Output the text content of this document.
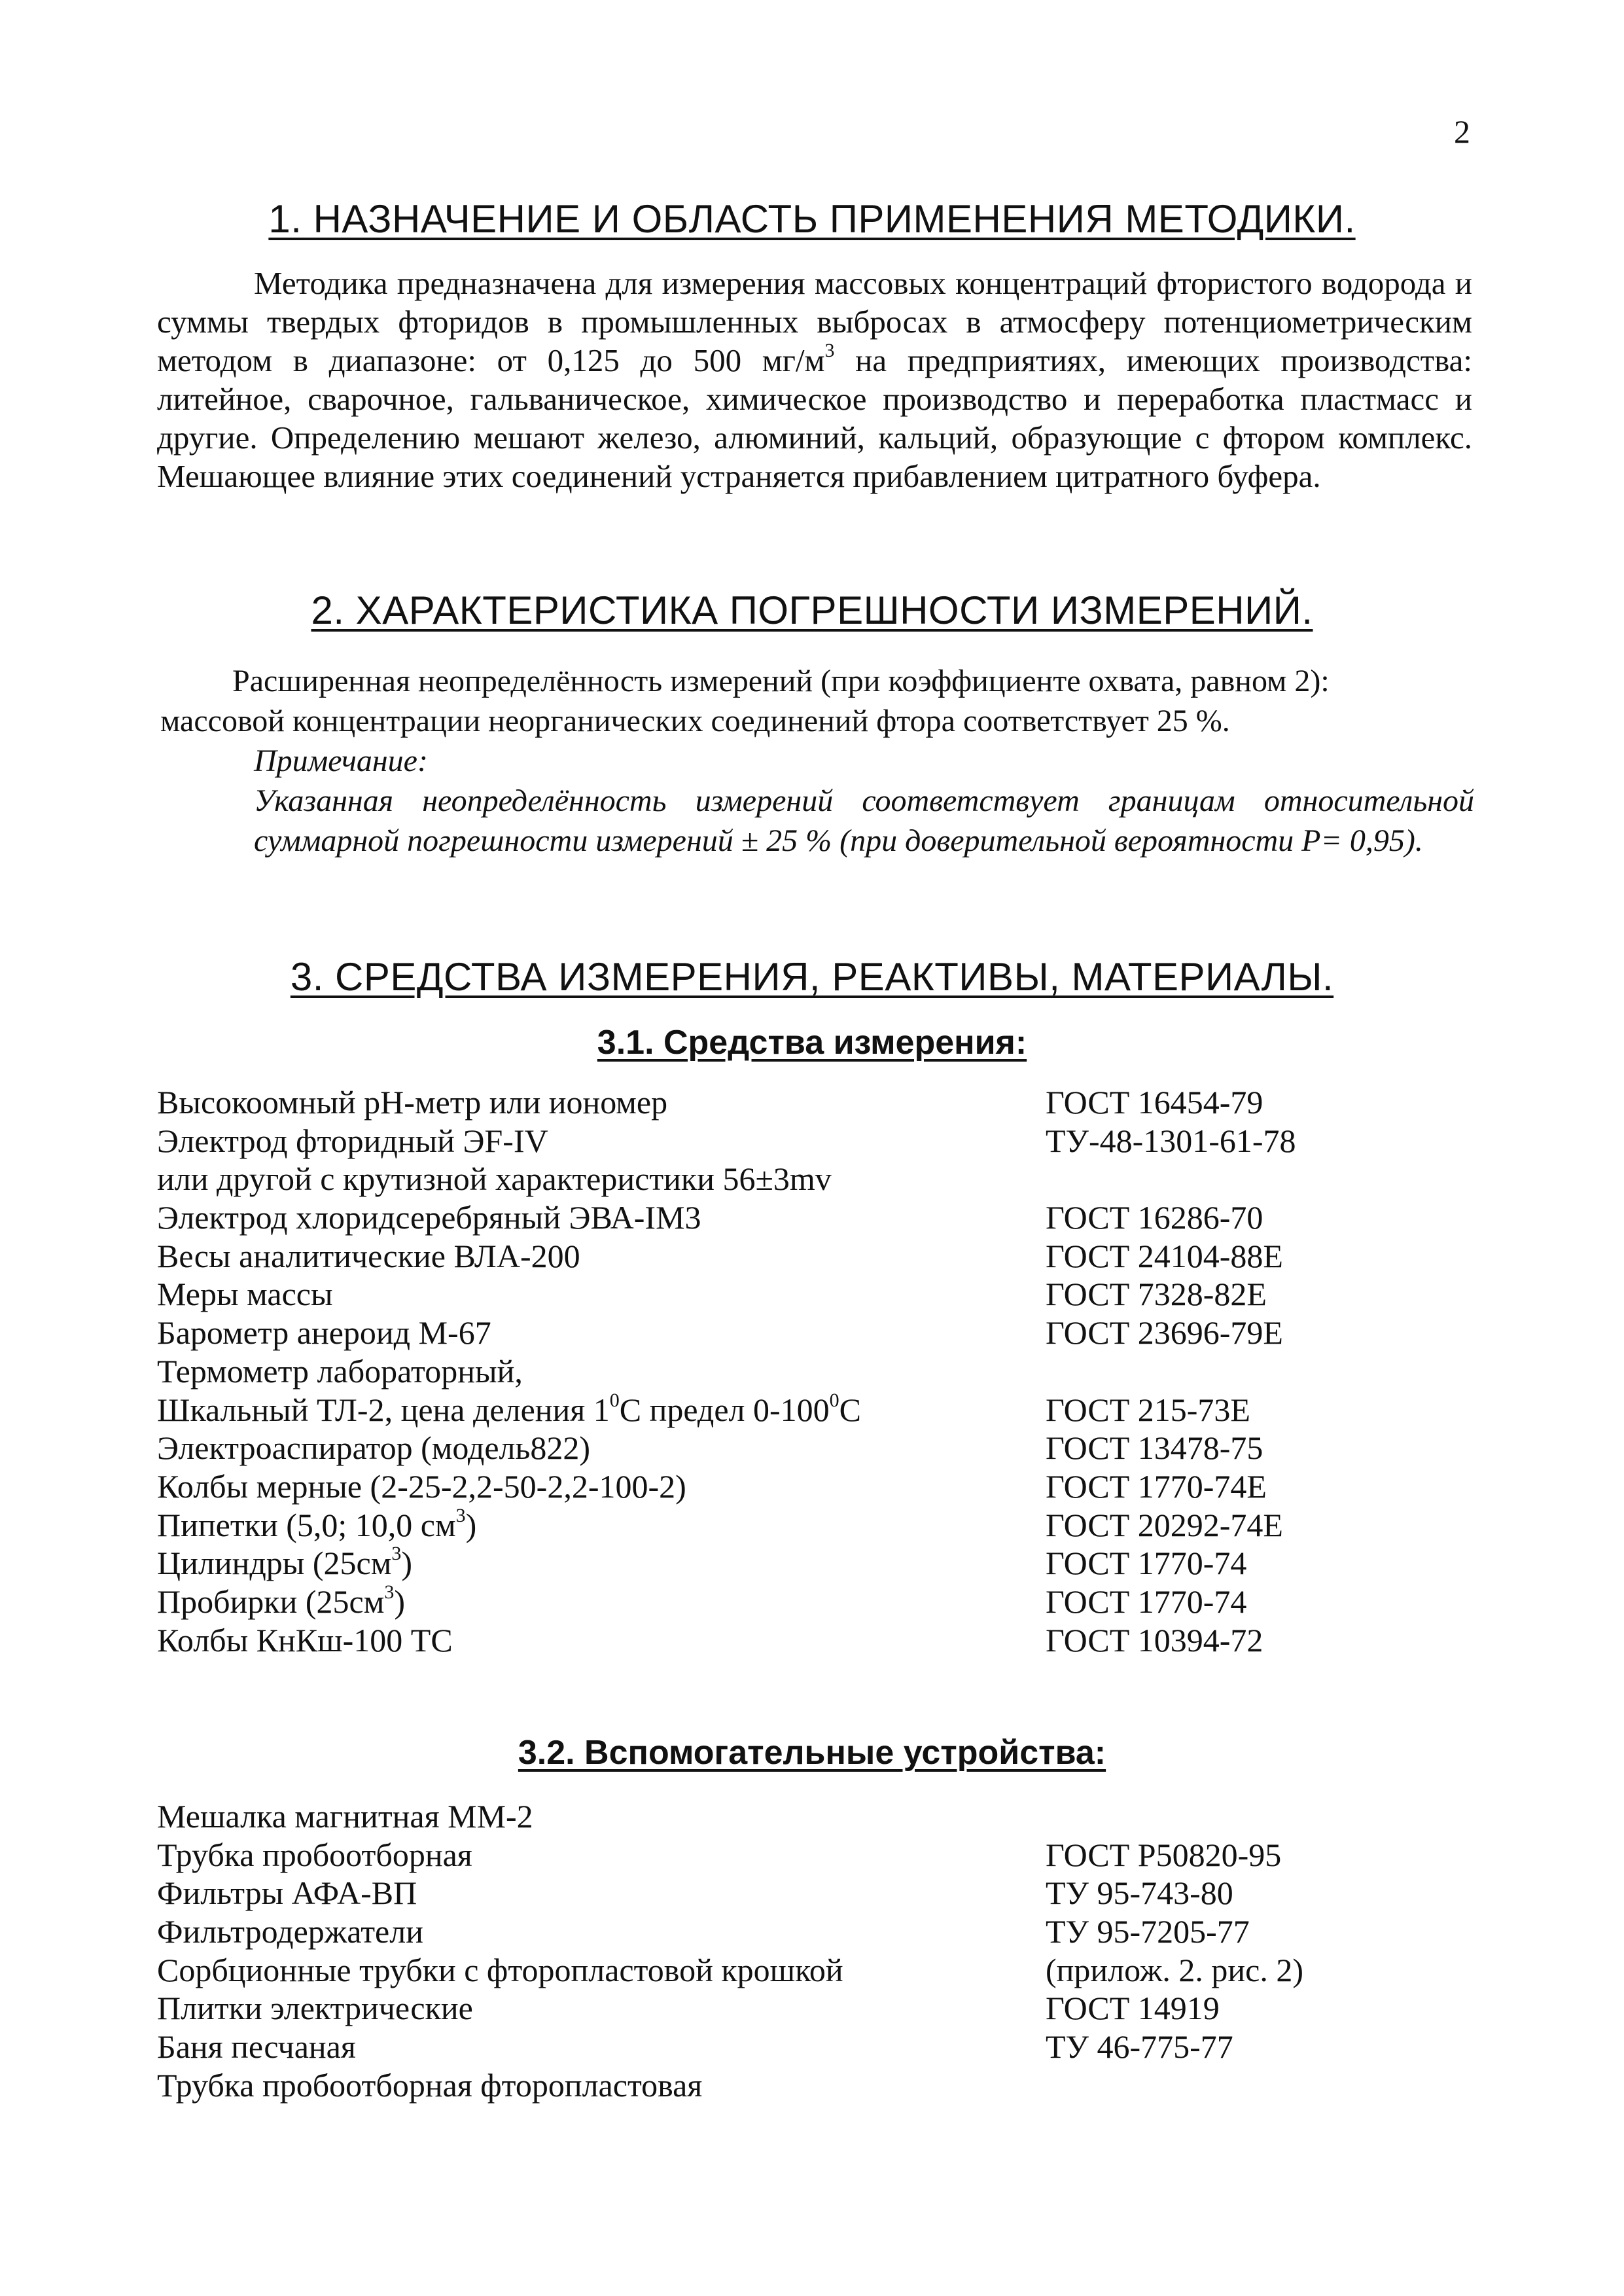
2
1. НАЗНАЧЕНИЕ И ОБЛАСТЬ ПРИМЕНЕНИЯ МЕТОДИКИ.

Методика предназначена для измерения массовых концентраций фтористого водорода и суммы твердых фторидов в промышленных выбросах в атмосферу потенциометрическим методом в диапазоне: от 0,125 до 500 $мг/м^3$ на предприятиях, имеющих производства: литейное, сварочное, гальваническое, химическое производство и переработка пластмасс и другие. Определению мешают железо, алюминий, кальций, образующие с фтором комплекс. Мешающее влияние этих соединений устраняется прибавлением цитратного буфера.

2. ХАРАКТЕРИСТИКА ПОГРЕШНОСТИ ИЗМЕРЕНИЙ.
Расширенная неопределённость измерений (при коэффициенте охвата, равном 2):
массовой концентрации неорганических соединений фтора соответствует 25 %.
Примечание:
Указанная неопределённость измерений соответствует границам относительной суммарной погрешности измерений ± 25 % (при доверительной вероятности P= 0,95).
3. СРЕДСТВА ИЗМЕРЕНИЯ, РЕАКТИВЫ, МАТЕРИАЛЫ.
3.1. Средства измерения:
Высокоомный pH-метр или иономер	ГОСТ 16454-79
Электрод фторидный ЭF-IV	ТУ-48-1301-61-78
или другой с крутизной характеристики 56±3mv
Электрод хлоридсеребряный ЭВА-IМ3	ГОСТ 16286-70
Весы аналитические ВЛА-200	ГОСТ 24104-88Е
Меры массы	ГОСТ 7328-82Е
Барометр анероид М-67	ГОСТ 23696-79Е
Термометр лабораторный,
Шкальный ТЛ-2, цена деления $1^0С$ предел $0-100^0С$	ГОСТ 215-73Е
Электроаспиратор (модель822)	ГОСТ 13478-75
Колбы мерные (2-25-2,2-50-2,2-100-2)	ГОСТ 1770-74Е
Пипетки (5,0; 10,0 $см^3$)	ГОСТ 20292-74Е
Цилиндры $(25см^3)$	ГОСТ 1770-74
Пробирки $(25см^3)$	ГОСТ 1770-74
Колбы КнКш-100 ТС	ГОСТ 10394-72
3.2. Вспомогательные устройства:
Мешалка магнитная ММ-2
Трубка пробоотборная	ГОСТ Р50820-95
Фильтры АФА-ВП	ТУ 95-743-80
Фильтродержатели	ТУ 95-7205-77
Сорбционные трубки с фторопластовой крошкой	(прилож. 2. рис. 2)
Плитки электрические	ГОСТ 14919
Баня песчаная	ТУ 46-775-77
Трубка пробоотборная фторопластовая
